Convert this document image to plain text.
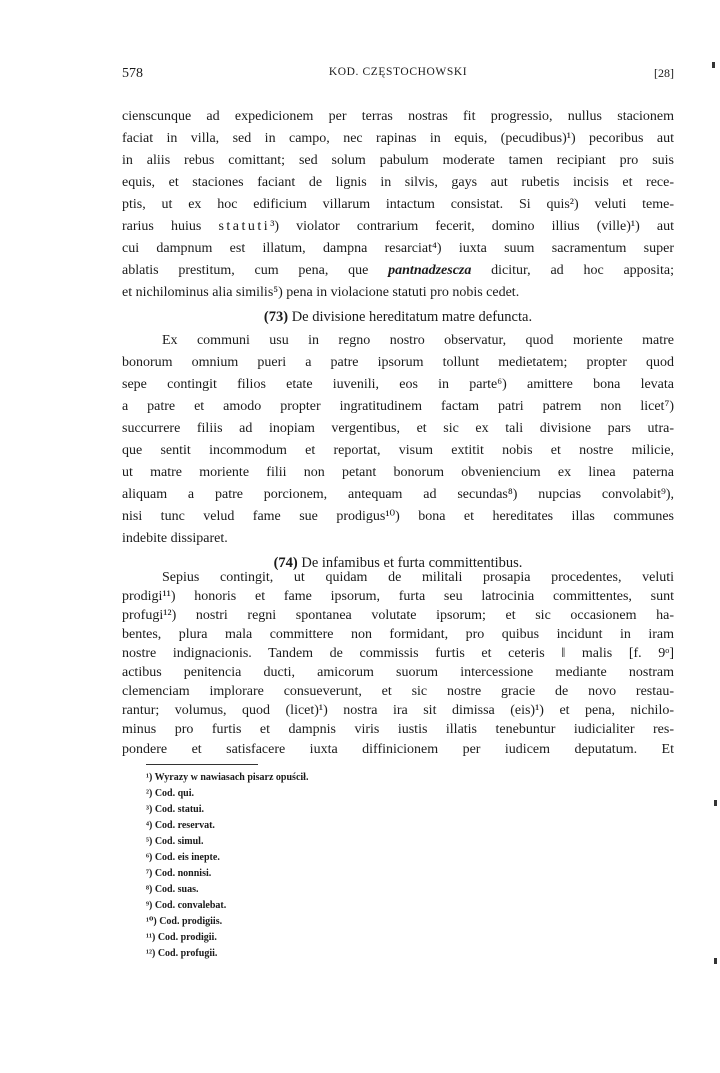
578	KOD. CZĘSTOCHOWSKI	[28]
cienscunque ad expedicionem per terras nostras fit progressio, nullus stacionem
faciat in villa, sed in campo, nec rapinas in equis, (pecudibus)¹) pecoribus aut
in aliis rebus comittant; sed solum pabulum moderate tamen recipiant pro suis
equis, et staciones faciant de lignis in silvis, gays aut rubetis incisis et rece-
ptis, ut ex hoc edificium villarum intactum consistat. Si quis²) veluti teme-
rarius huius statuti³) violator contrarium fecerit, domino illius (ville)¹) aut
cui dampnum est illatum, dampna resarciat⁴) iuxta suum sacramentum super
ablatis prestitum, cum pena, que pantnadzescza dicitur, ad hoc apposita;
et nichilominus alia similis⁵) pena in violacione statuti pro nobis cedet.
(73) De divisione hereditatum matre defuncta.
Ex communi usu in regno nostro observatur, quod moriente matre
bonorum omnium pueri a patre ipsorum tollunt medietatem; propter quod
sepe contingit filios etate iuvenili, eos in parte⁶) amittere bona levata
a patre et amodo propter ingratitudinem factam patri patrem non licet⁷)
succurrere filiis ad inopiam vergentibus, et sic ex tali divisione pars utra-
que sentit incommodum et reportat, visum extitit nobis et nostre milicie,
ut matre moriente filii non petant bonorum obveniencium ex linea paterna
aliquam a patre porcionem, antequam ad secundas⁸) nupcias convolabit⁹),
nisi tunc velud fame sue prodigus¹⁰) bona et hereditates illas communes
indebite dissiparet.
(74) De infamibus et furta committentibus.
Sepius contingit, ut quidam de militali prosapia procedentes, veluti
prodigi¹¹) honoris et fame ipsorum, furta seu latrocinia committentes, sunt
profugi¹²) nostri regni spontanea volutate ipsorum; et sic occasionem ha-
bentes, plura mala committere non formidant, pro quibus incidunt in iram
nostre indignacionis. Tandem de commissis furtis et ceteris ‖ malis [f. 9ᵒ]
actibus penitencia ducti, amicorum suorum intercessione mediante nostram
clemenciam implorare consueverunt, et sic nostre gracie de novo restau-
rantur; volumus, quod (licet)¹) nostra ira sit dimissa (eis)¹) et pena, nichilo-
¹) Wyrazy w nawiasach pisarz opuścił.
²) Cod. qui.
³) Cod. statui.
⁴) Cod. reservat.
⁵) Cod. simul.
⁶) Cod. eis inepte.
⁷) Cod. nonnisi.
⁸) Cod. suas.
⁹) Cod. convalebat.
¹⁰) Cod. prodigiis.
¹¹) Cod. prodigii.
¹²) Cod. profugii.
pondere et satisfacere iuxta diffinicionem per iudicem deputatum. Et
minus pro furtis et dampnis viris iustis illatis tenebuntur iudicialiter res-
